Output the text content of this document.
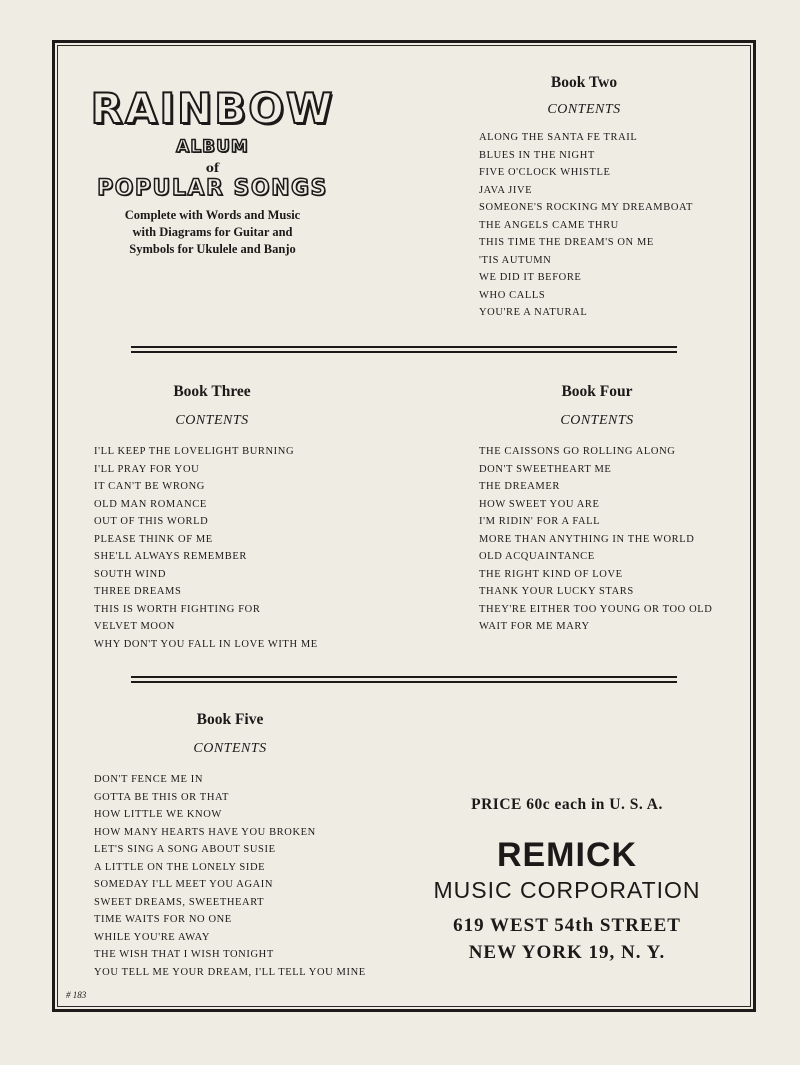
RAINBOW
ALBUM
of
POPULAR SONGS
Complete with Words and Music
with Diagrams for Guitar and
Symbols for Ukulele and Banjo
Book Two
CONTENTS
ALONG THE SANTA FE TRAIL
BLUES IN THE NIGHT
FIVE O'CLOCK WHISTLE
JAVA JIVE
SOMEONE'S ROCKING MY DREAMBOAT
THE ANGELS CAME THRU
THIS TIME THE DREAM'S ON ME
'TIS AUTUMN
WE DID IT BEFORE
WHO CALLS
YOU'RE A NATURAL
Book Three
CONTENTS
I'LL KEEP THE LOVELIGHT BURNING
I'LL PRAY FOR YOU
IT CAN'T BE WRONG
OLD MAN ROMANCE
OUT OF THIS WORLD
PLEASE THINK OF ME
SHE'LL ALWAYS REMEMBER
SOUTH WIND
THREE DREAMS
THIS IS WORTH FIGHTING FOR
VELVET MOON
WHY DON'T YOU FALL IN LOVE WITH ME
Book Four
CONTENTS
THE CAISSONS GO ROLLING ALONG
DON'T SWEETHEART ME
THE DREAMER
HOW SWEET YOU ARE
I'M RIDIN' FOR A FALL
MORE THAN ANYTHING IN THE WORLD
OLD ACQUAINTANCE
THE RIGHT KIND OF LOVE
THANK YOUR LUCKY STARS
THEY'RE EITHER TOO YOUNG OR TOO OLD
WAIT FOR ME MARY
Book Five
CONTENTS
DON'T FENCE ME IN
GOTTA BE THIS OR THAT
HOW LITTLE WE KNOW
HOW MANY HEARTS HAVE YOU BROKEN
LET'S SING A SONG ABOUT SUSIE
A LITTLE ON THE LONELY SIDE
SOMEDAY I'LL MEET YOU AGAIN
SWEET DREAMS, SWEETHEART
TIME WAITS FOR NO ONE
WHILE YOU'RE AWAY
THE WISH THAT I WISH TONIGHT
YOU TELL ME YOUR DREAM, I'LL TELL YOU MINE
PRICE 60c each in U. S. A.
REMICK
MUSIC CORPORATION
619 WEST 54th STREET
NEW YORK 19, N. Y.
# 183
